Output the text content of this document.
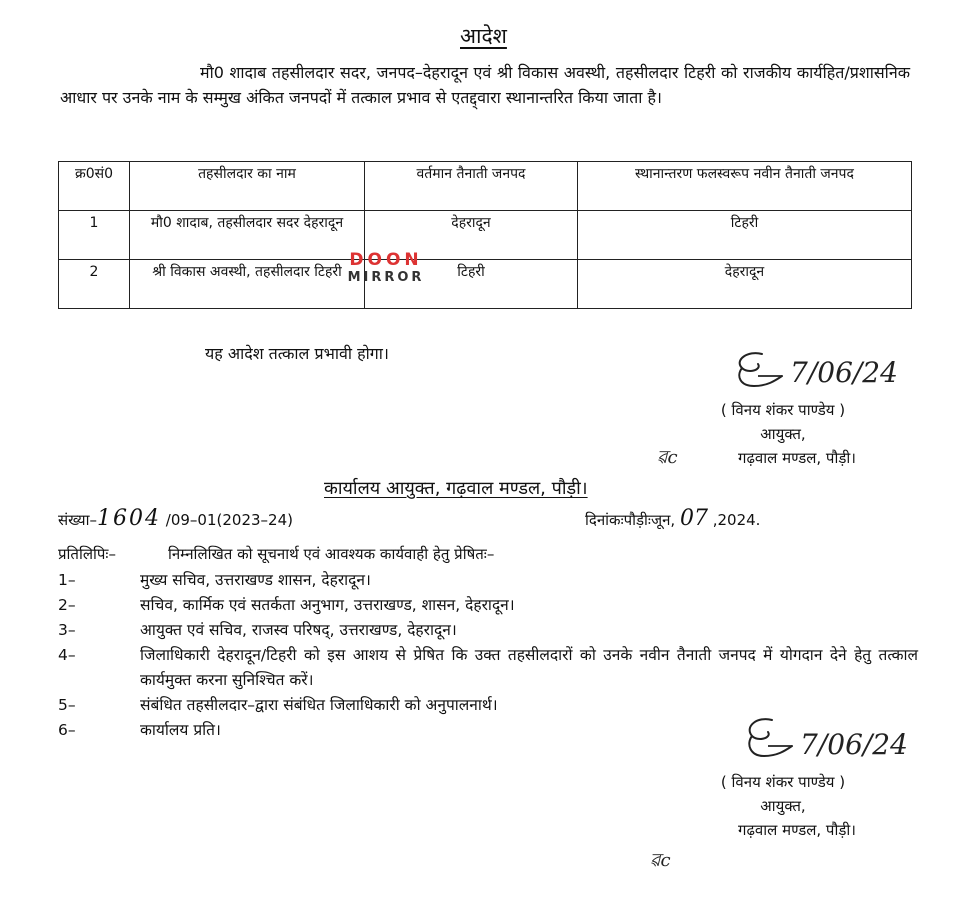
आदेश
मौ0 शादाब तहसीलदार सदर, जनपद–देहरादून एवं श्री विकास अवस्थी, तहसीलदार टिहरी को राजकीय कार्यहित/प्रशासनिक आधार पर उनके नाम के सम्मुख अंकित जनपदों में तत्काल प्रभाव से एतद्द्वारा स्थानान्तरित किया जाता है।
क्र0सं0	तहसीलदार का नाम	वर्तमान तैनाती जनपद	स्थानान्तरण फलस्वरूप नवीन तैनाती जनपद
1	मौ0 शादाब, तहसीलदार सदर देहरादून	देहरादून	टिहरी
2	श्री विकास अवस्थी, तहसीलदार टिहरी	टिहरी	देहरादून
DOON
MIRROR
यह आदेश तत्काल प्रभावी होगा।
7/06/24
( विनय शंकर पाण्डेय )
आयुक्त,
गढ़वाल मण्डल, पौड़ी।
ৱc
कार्यालय आयुक्त, गढ़वाल मण्डल, पौड़ी।
संख्या–1604 /09–01(2023–24)	दिनांकःपौड़ीःजून, 07 ,2024.
प्रतिलिपिः–	निम्नलिखित को सूचनार्थ एवं आवश्यक कार्यवाही हेतु प्रेषितः–
1–	मुख्य सचिव, उत्तराखण्ड शासन, देहरादून।
2–	सचिव, कार्मिक एवं सतर्कता अनुभाग, उत्तराखण्ड, शासन, देहरादून।
3–	आयुक्त एवं सचिव, राजस्व परिषद्, उत्तराखण्ड, देहरादून।
4–	जिलाधिकारी देहरादून/टिहरी को इस आशय से प्रेषित कि उक्त तहसीलदारों को उनके नवीन तैनाती जनपद में योगदान देने हेतु तत्काल कार्यमुक्त करना सुनिश्चित करें।
5–	संबंधित तहसीलदार–द्वारा संबंधित जिलाधिकारी को अनुपालनार्थ।
6–	कार्यालय प्रति।	7/06/24
( विनय शंकर पाण्डेय )
आयुक्त,
गढ़वाल मण्डल, पौड़ी।
ৱc
